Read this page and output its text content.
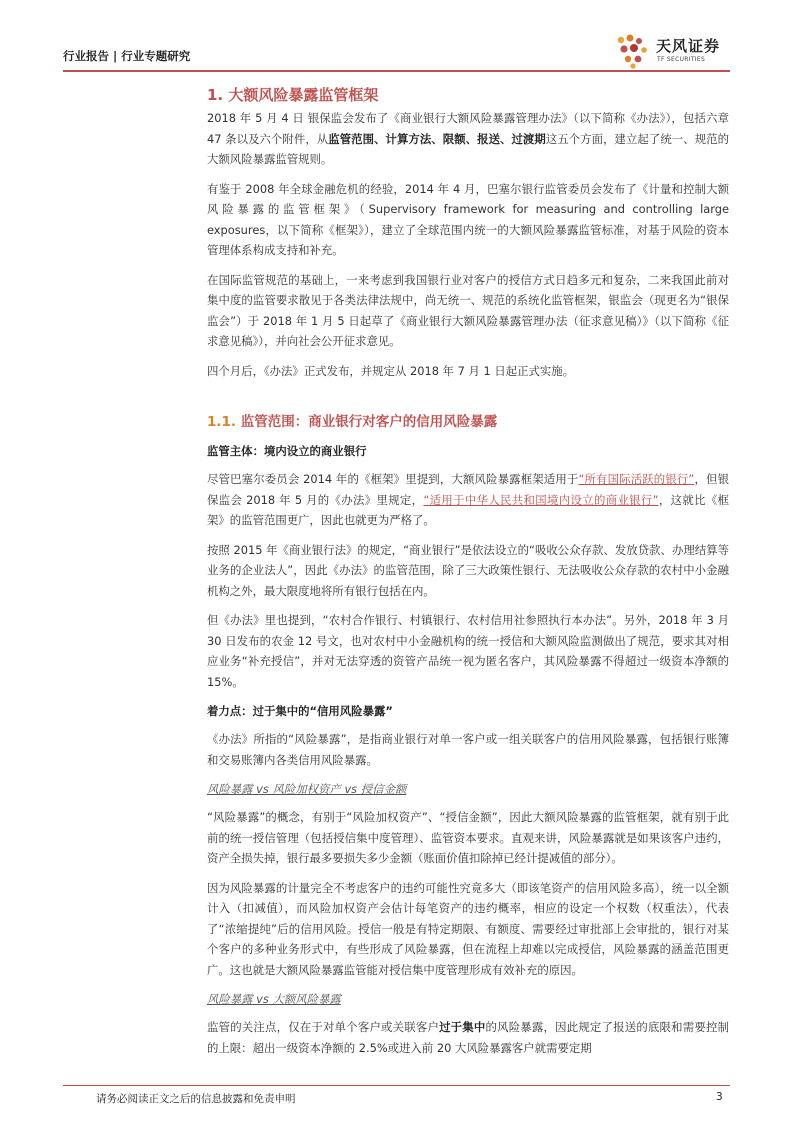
行业报告 | 行业专题研究
天风证券
TF SECURITIES
1. 大额风险暴露监管框架

2018 年 5 月 4 日 银保监会发布了《商业银行大额风险暴露管理办法》（以下简称《办法》），包括六章 47 条以及六个附件，从监管范围、计算方法、限额、报送、过渡期这五个方面，建立起了统一、规范的大额风险暴露监管规则。

有鉴于 2008 年全球金融危机的经验，2014 年 4 月，巴塞尔银行监管委员会发布了《计量和控制大额风险暴露的监管框架》（Supervisory framework for measuring and controlling large exposures，以下简称《框架》），建立了全球范围内统一的大额风险暴露监管标准，对基于风险的资本管理体系构成支持和补充。

在国际监管规范的基础上，一来考虑到我国银行业对客户的授信方式日趋多元和复杂，二来我国此前对集中度的监管要求散见于各类法律法规中，尚无统一、规范的系统化监管框架，银监会（现更名为“银保监会”）于 2018 年 1 月 5 日起草了《商业银行大额风险暴露管理办法（征求意见稿）》（以下简称《征求意见稿》），并向社会公开征求意见。

四个月后，《办法》正式发布，并规定从 2018 年 7 月 1 日起正式实施。

1.1. 监管范围：商业银行对客户的信用风险暴露
监管主体：境内设立的商业银行

尽管巴塞尔委员会 2014 年的《框架》里提到，大额风险暴露框架适用于“所有国际活跃的银行”，但银保监会 2018 年 5 月的《办法》里规定，“适用于中华人民共和国境内设立的商业银行”，这就比《框架》的监管范围更广，因此也就更为严格了。

按照 2015 年《商业银行法》的规定，“商业银行”是依法设立的“吸收公众存款、发放贷款、办理结算等业务的企业法人”，因此《办法》的监管范围，除了三大政策性银行、无法吸收公众存款的农村中小金融机构之外，最大限度地将所有银行包括在内。

但《办法》里也提到，“农村合作银行、村镇银行、农村信用社参照执行本办法”。另外，2018 年 3 月 30 日发布的农金 12 号文，也对农村中小金融机构的统一授信和大额风险监测做出了规范，要求其对相应业务“补充授信”，并对无法穿透的资管产品统一视为匿名客户，其风险暴露不得超过一级资本净额的 15%。

着力点：过于集中的“信用风险暴露”

《办法》所指的“风险暴露”，是指商业银行对单一客户或一组关联客户的信用风险暴露，包括银行账簿和交易账簿内各类信用风险暴露。

风险暴露 vs 风险加权资产 vs 授信金额

“风险暴露”的概念，有别于“风险加权资产”、“授信金额”，因此大额风险暴露的监管框架，就有别于此前的统一授信管理（包括授信集中度管理）、监管资本要求。直观来讲，风险暴露就是如果该客户违约，资产全损失掉，银行最多要损失多少金额（账面价值扣除掉已经计提减值的部分）。

因为风险暴露的计量完全不考虑客户的违约可能性究竟多大（即该笔资产的信用风险多高），统一以全额计入（扣减值），而风险加权资产会估计每笔资产的违约概率，相应的设定一个权数（权重法），代表了“浓缩提纯”后的信用风险。授信一般是有特定期限、有额度、需要经过审批部上会审批的，银行对某个客户的多种业务形式中，有些形成了风险暴露，但在流程上却难以完成授信，风险暴露的涵盖范围更广。这也就是大额风险暴露监管能对授信集中度管理形成有效补充的原因。

风险暴露 vs 大额风险暴露

监管的关注点，仅在于对单个客户或关联客户过于集中的风险暴露，因此规定了报送的底限和需要控制的上限：超出一级资本净额的 2.5%或进入前 20 大风险暴露客户就需要定期

请务必阅读正文之后的信息披露和免责申明	3
